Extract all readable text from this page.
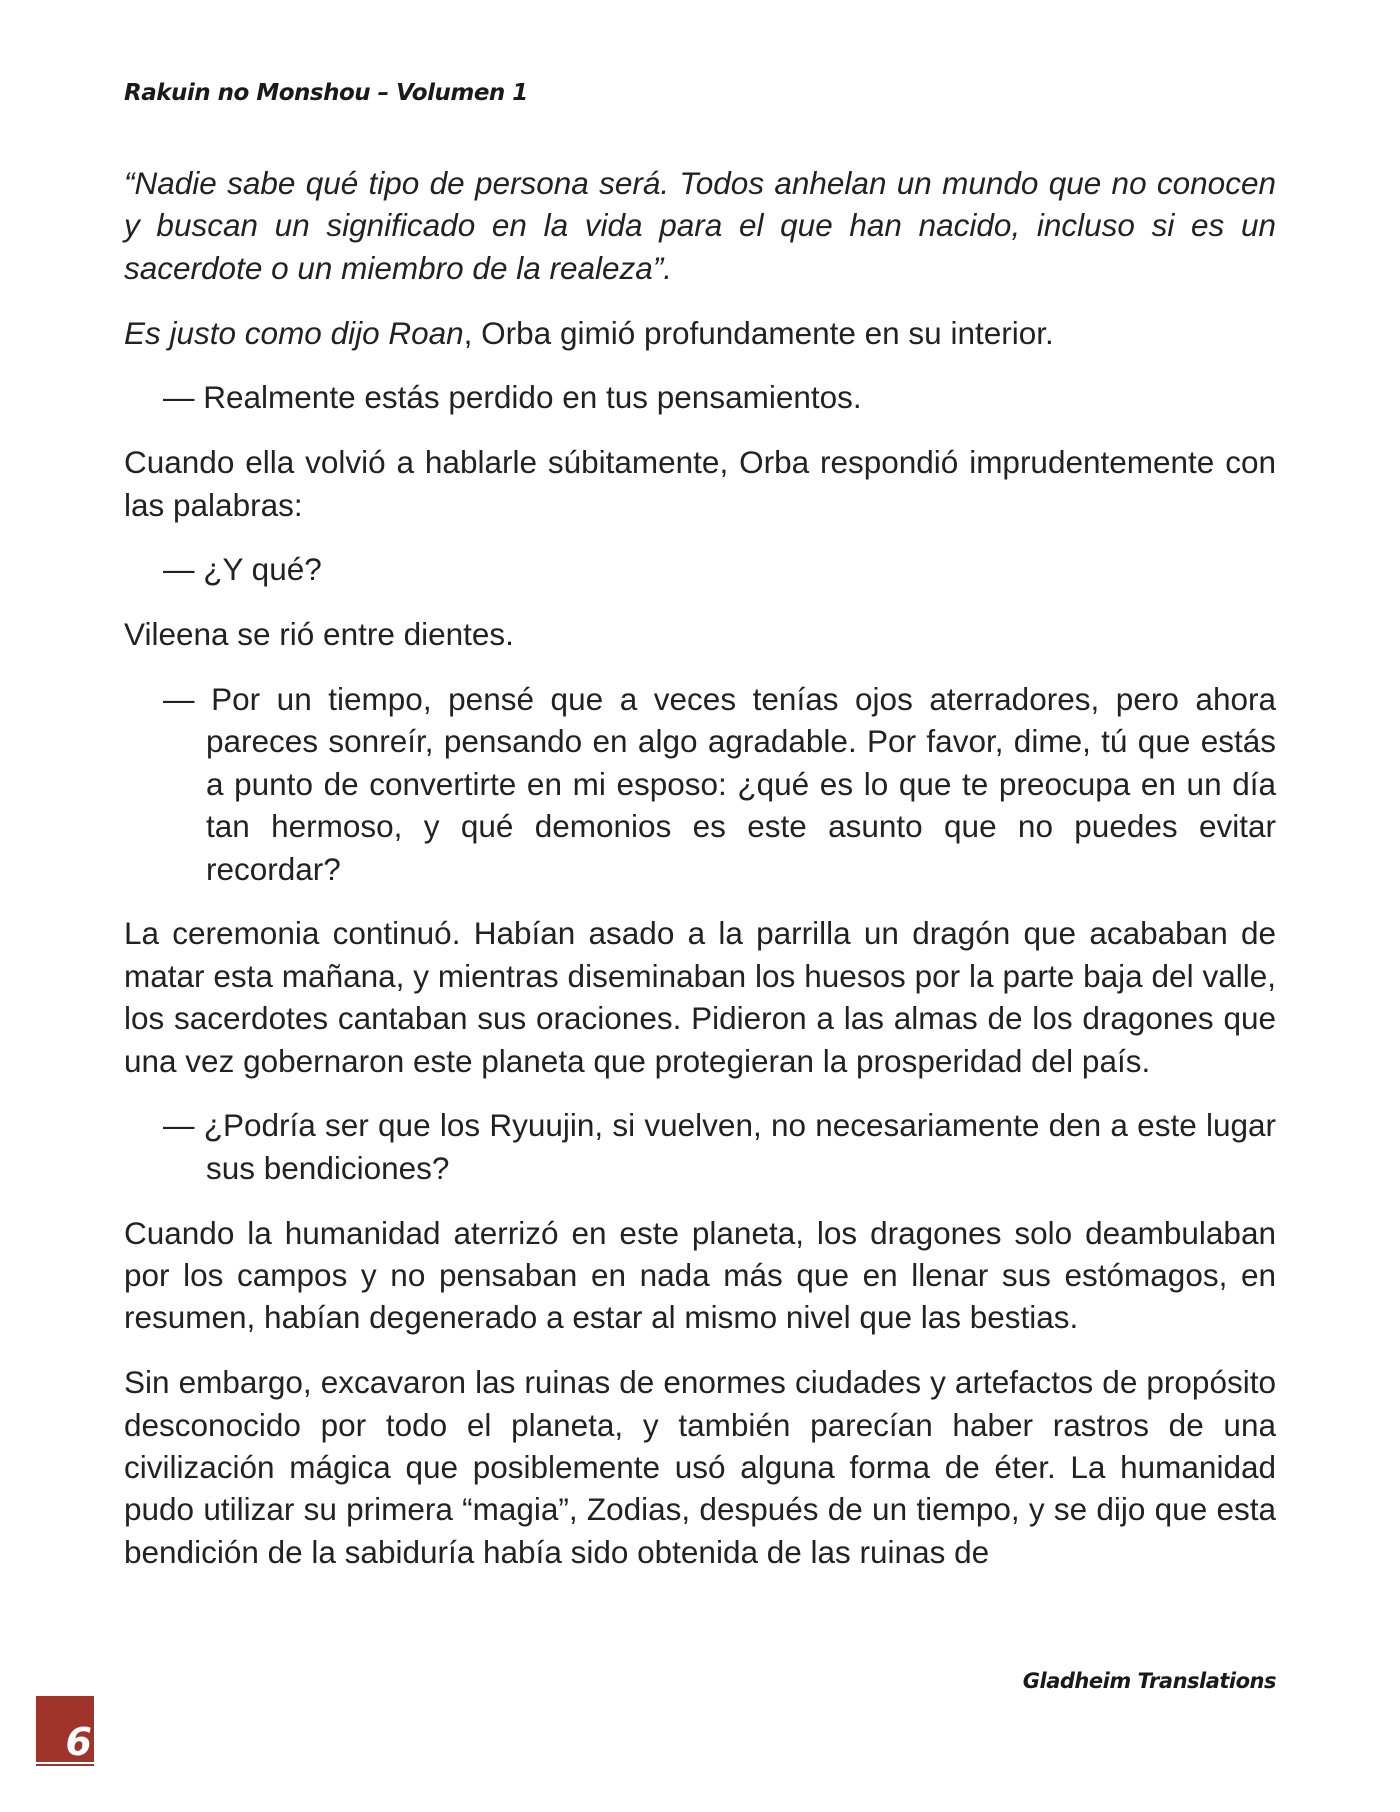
Rakuin no Monshou – Volumen 1

“Nadie sabe qué tipo de persona será. Todos anhelan un mundo que no conocen y buscan un significado en la vida para el que han nacido, incluso si es un sacerdote o un miembro de la realeza”.

Es justo como dijo Roan, Orba gimió profundamente en su interior.

— Realmente estás perdido en tus pensamientos.

Cuando ella volvió a hablarle súbitamente, Orba respondió imprudentemente con las palabras:

— ¿Y qué?

Vileena se rió entre dientes.

— Por un tiempo, pensé que a veces tenías ojos aterradores, pero ahora pareces sonreír, pensando en algo agradable. Por favor, dime, tú que estás a punto de convertirte en mi esposo: ¿qué es lo que te preocupa en un día tan hermoso, y qué demonios es este asunto que no puedes evitar recordar?

La ceremonia continuó. Habían asado a la parrilla un dragón que acababan de matar esta mañana, y mientras diseminaban los huesos por la parte baja del valle, los sacerdotes cantaban sus oraciones. Pidieron a las almas de los dragones que una vez gobernaron este planeta que protegieran la prosperidad del país.

— ¿Podría ser que los Ryuujin, si vuelven, no necesariamente den a este lugar sus bendiciones?

Cuando la humanidad aterrizó en este planeta, los dragones solo deambulaban por los campos y no pensaban en nada más que en llenar sus estómagos, en resumen, habían degenerado a estar al mismo nivel que las bestias.

Sin embargo, excavaron las ruinas de enormes ciudades y artefactos de propósito desconocido por todo el planeta, y también parecían haber rastros de una civilización mágica que posiblemente usó alguna forma de éter. La humanidad pudo utilizar su primera “magia”, Zodias, después de un tiempo, y se dijo que esta bendición de la sabiduría había sido obtenida de las ruinas de

Gladheim Translations
6
